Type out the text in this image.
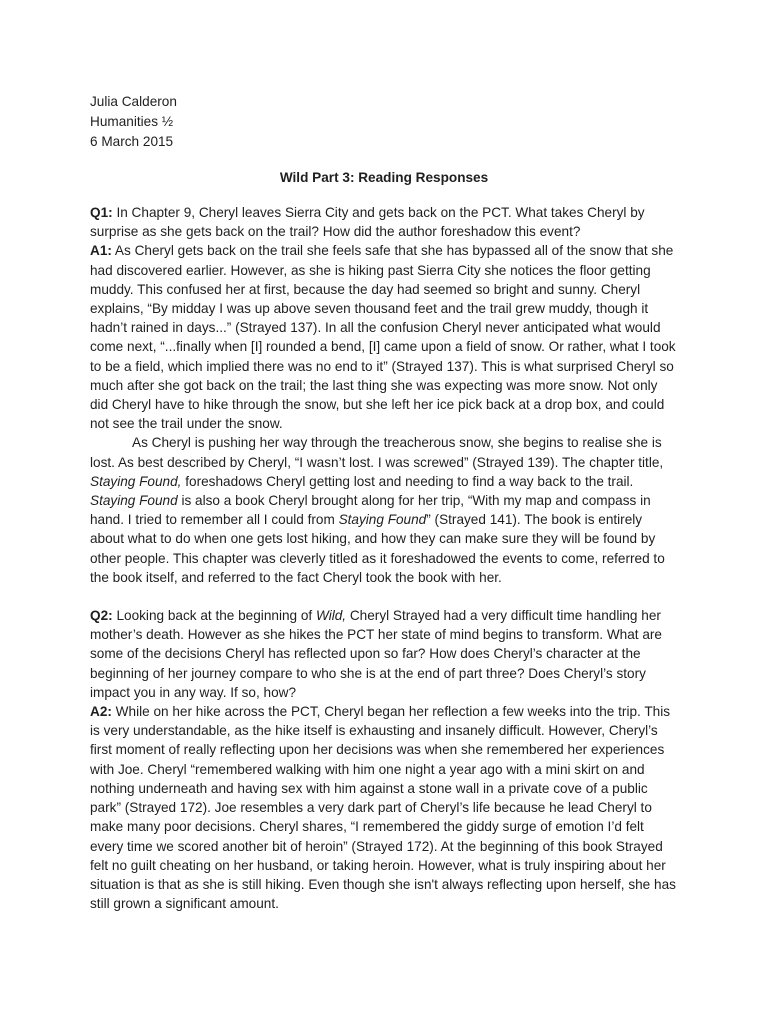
Julia Calderon
Humanities ½
6 March 2015
Wild Part 3: Reading Responses

Q1: In Chapter 9, Cheryl leaves Sierra City and gets back on the PCT. What takes Cheryl by surprise as she gets back on the trail? How did the author foreshadow this event?

A1: As Cheryl gets back on the trail she feels safe that she has bypassed all of the snow that she had discovered earlier. However, as she is hiking past Sierra City she notices the floor getting muddy. This confused her at first, because the day had seemed so bright and sunny. Cheryl explains, “By midday I was up above seven thousand feet and the trail grew muddy, though it hadn’t rained in days...” (Strayed 137). In all the confusion Cheryl never anticipated what would come next, “...finally when [I] rounded a bend, [I] came upon a field of snow. Or rather, what I took to be a field, which implied there was no end to it” (Strayed 137). This is what surprised Cheryl so much after she got back on the trail; the last thing she was expecting was more snow. Not only did Cheryl have to hike through the snow, but she left her ice pick back at a drop box, and could not see the trail under the snow.

As Cheryl is pushing her way through the treacherous snow, she begins to realise she is lost. As best described by Cheryl, “I wasn’t lost. I was screwed” (Strayed 139). The chapter title, Staying Found, foreshadows Cheryl getting lost and needing to find a way back to the trail. Staying Found is also a book Cheryl brought along for her trip, “With my map and compass in hand. I tried to remember all I could from Staying Found” (Strayed 141). The book is entirely about what to do when one gets lost hiking, and how they can make sure they will be found by other people. This chapter was cleverly titled as it foreshadowed the events to come, referred to the book itself, and referred to the fact Cheryl took the book with her.

Q2: Looking back at the beginning of Wild, Cheryl Strayed had a very difficult time handling her mother’s death. However as she hikes the PCT her state of mind begins to transform. What are some of the decisions Cheryl has reflected upon so far? How does Cheryl’s character at the beginning of her journey compare to who she is at the end of part three? Does Cheryl’s story impact you in any way. If so, how?

A2: While on her hike across the PCT, Cheryl began her reflection a few weeks into the trip. This is very understandable, as the hike itself is exhausting and insanely difficult. However, Cheryl’s first moment of really reflecting upon her decisions was when she remembered her experiences with Joe. Cheryl “remembered walking with him one night a year ago with a mini skirt on and nothing underneath and having sex with him against a stone wall in a private cove of a public park” (Strayed 172). Joe resembles a very dark part of Cheryl’s life because he lead Cheryl to make many poor decisions. Cheryl shares, “I remembered the giddy surge of emotion I’d felt every time we scored another bit of heroin” (Strayed 172). At the beginning of this book Strayed felt no guilt cheating on her husband, or taking heroin. However, what is truly inspiring about her situation is that as she is still hiking. Even though she isn't always reflecting upon herself, she has still grown a significant amount.
